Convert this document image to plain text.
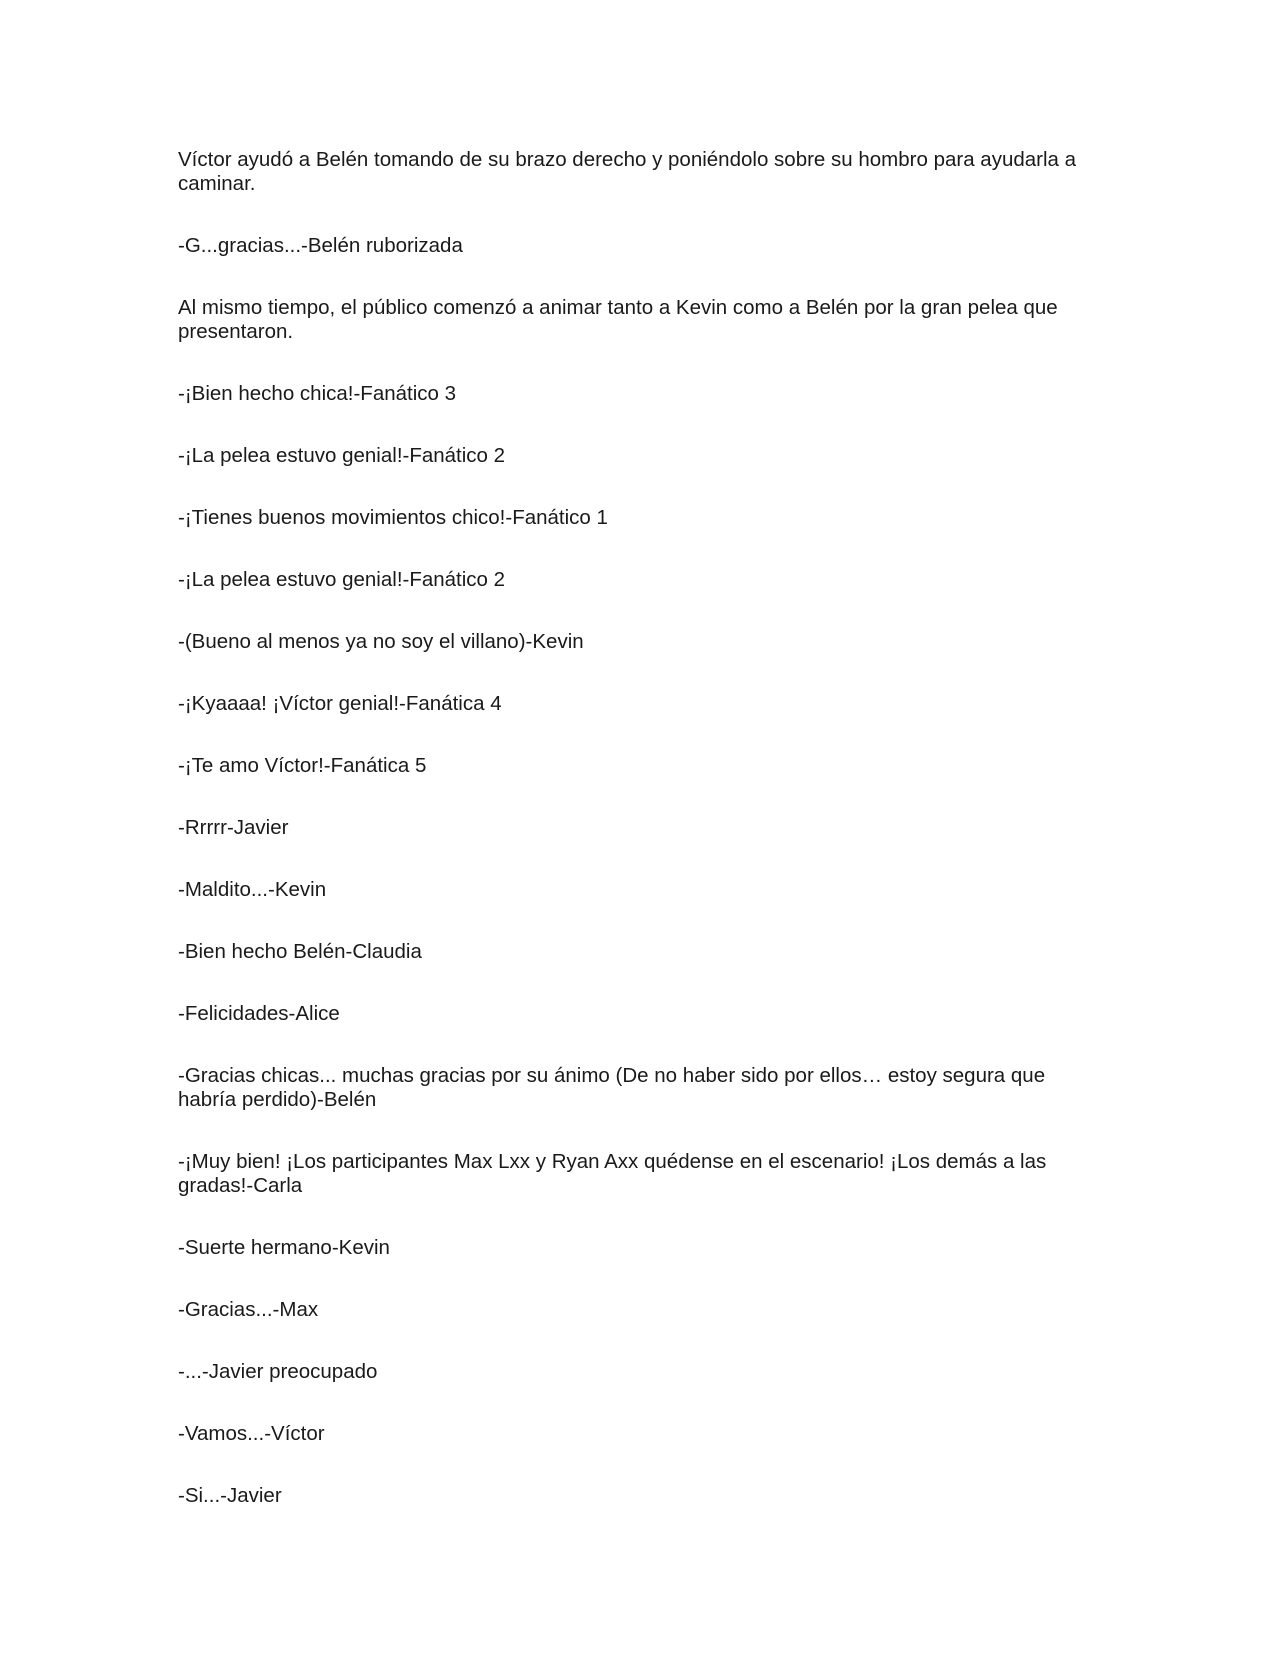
Víctor ayudó a Belén tomando de su brazo derecho y poniéndolo sobre su hombro para ayudarla a caminar.

-G...gracias...-Belén ruborizada

Al mismo tiempo, el público comenzó a animar tanto a Kevin como a Belén por la gran pelea que presentaron.

-¡Bien hecho chica!-Fanático 3

-¡La pelea estuvo genial!-Fanático 2

-¡Tienes buenos movimientos chico!-Fanático 1

-¡La pelea estuvo genial!-Fanático 2

-(Bueno al menos ya no soy el villano)-Kevin

-¡Kyaaaa! ¡Víctor genial!-Fanática 4

-¡Te amo Víctor!-Fanática 5

-Rrrrr-Javier

-Maldito...-Kevin

-Bien hecho Belén-Claudia

-Felicidades-Alice

-Gracias chicas... muchas gracias por su ánimo (De no haber sido por ellos… estoy segura que habría perdido)-Belén

-¡Muy bien! ¡Los participantes Max Lxx y Ryan Axx quédense en el escenario! ¡Los demás a las gradas!-Carla

-Suerte hermano-Kevin

-Gracias...-Max

-...-Javier preocupado

-Vamos...-Víctor

-Si...-Javier
